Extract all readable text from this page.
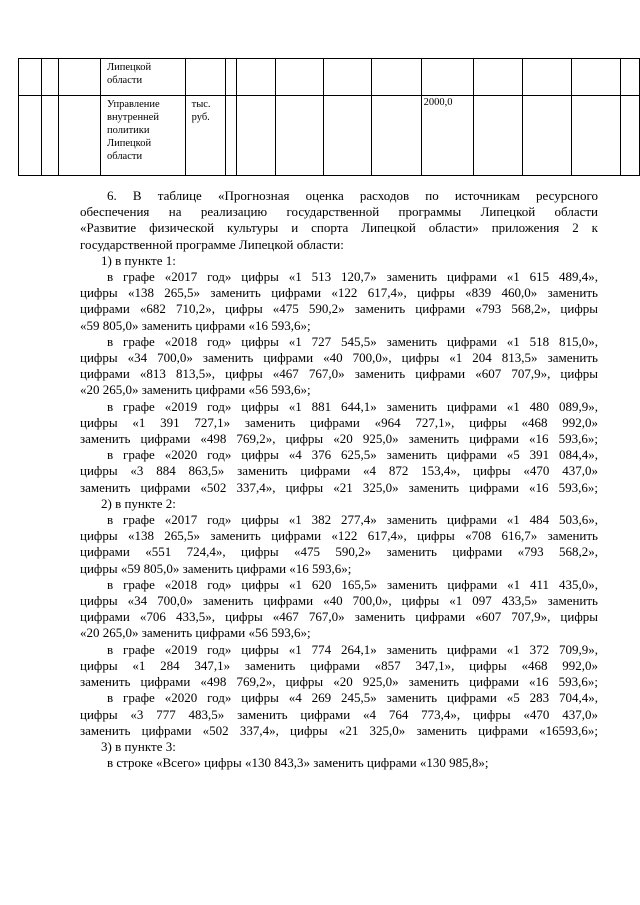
			Липецкой области											

			Управление внутренней политики Липецкой области	тыс. руб.						2000,0				

6. В таблице «Прогнозная оценка расходов по источникам ресурсного

обеспечения на реализацию государственной программы Липецкой области

«Развитие физической культуры и спорта Липецкой области» приложения 2 к

государственной программе Липецкой области:

1) в пункте 1:

в графе «2017 год» цифры «1 513 120,7» заменить цифрами «1 615 489,4»,

цифры «138 265,5» заменить цифрами «122 617,4», цифры «839 460,0» заменить

цифрами «682 710,2», цифры «475 590,2» заменить цифрами «793 568,2», цифры

«59 805,0» заменить цифрами «16 593,6»;

в графе «2018 год» цифры «1 727 545,5» заменить цифрами «1 518 815,0»,

цифры «34 700,0» заменить цифрами «40 700,0», цифры «1 204 813,5» заменить

цифрами «813 813,5», цифры «467 767,0» заменить цифрами «607 707,9», цифры

«20 265,0» заменить цифрами «56 593,6»;

в графе «2019 год» цифры «1 881 644,1» заменить цифрами «1 480 089,9»,

цифры «1 391 727,1» заменить цифрами «964 727,1», цифры «468 992,0»

заменить цифрами «498 769,2», цифры «20 925,0» заменить цифрами «16 593,6»;

в графе «2020 год» цифры «4 376 625,5» заменить цифрами «5 391 084,4»,

цифры «3 884 863,5» заменить цифрами «4 872 153,4», цифры «470 437,0»

заменить цифрами «502 337,4», цифры «21 325,0» заменить цифрами «16 593,6»;

2) в пункте 2:

в графе «2017 год» цифры «1 382 277,4» заменить цифрами «1 484 503,6»,

цифры «138 265,5» заменить цифрами «122 617,4», цифры «708 616,7» заменить

цифрами «551 724,4», цифры «475 590,2» заменить цифрами «793 568,2»,

цифры «59 805,0» заменить цифрами «16 593,6»;

в графе «2018 год» цифры «1 620 165,5» заменить цифрами «1 411 435,0»,

цифры «34 700,0» заменить цифрами «40 700,0», цифры «1 097 433,5» заменить

цифрами «706 433,5», цифры «467 767,0» заменить цифрами «607 707,9», цифры

«20 265,0» заменить цифрами «56 593,6»;

в графе «2019 год» цифры «1 774 264,1» заменить цифрами «1 372 709,9»,

цифры «1 284 347,1» заменить цифрами «857 347,1», цифры «468 992,0»

заменить цифрами «498 769,2», цифры «20 925,0» заменить цифрами «16 593,6»;

в графе «2020 год» цифры «4 269 245,5» заменить цифрами «5 283 704,4»,

цифры «3 777 483,5» заменить цифрами «4 764 773,4», цифры «470 437,0»

заменить цифрами «502 337,4», цифры «21 325,0» заменить цифрами «16593,6»;

3) в пункте 3:

в строке «Всего» цифры «130 843,3» заменить цифрами «130 985,8»;
